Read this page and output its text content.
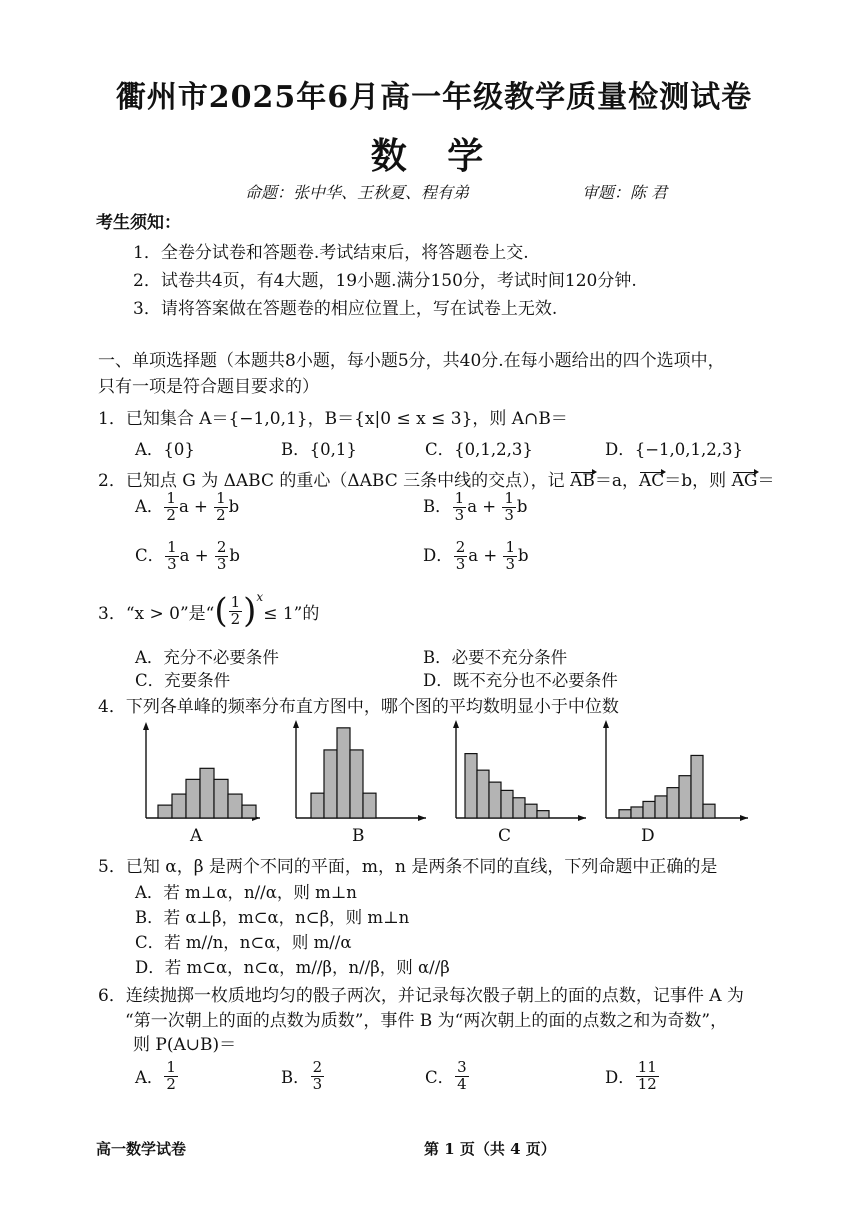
衢州市2025年6月高一年级教学质量检测试卷
数 学
命题：张中华、王秋夏、程有弟	审题：陈 君
考生须知：
1．全卷分试卷和答题卷.考试结束后，将答题卷上交.
2．试卷共4页，有4大题，19小题.满分150分，考试时间120分钟.
3．请将答案做在答题卷的相应位置上，写在试卷上无效.
一、单项选择题（本题共8小题，每小题5分，共40分.在每小题给出的四个选项中，
只有一项是符合题目要求的）
1．已知集合 A＝{−1,0,1}，B＝{x|0 ≤ x ≤ 3}，则 A∩B＝
A．{0}	B．{0,1}	C．{0,1,2,3}	D．{−1,0,1,2,3}
2．已知点 G 为 ΔABC 的重心（ΔABC 三条中线的交点），记 AB＝a，AC＝b，则 AG＝
A． $\frac{1}{2}$ $a + \frac{1}{2}$ b	B． $\frac{1}{3}$ $a + \frac{1}{3}$ b
C． $\frac{1}{3}$ $a + \frac{2}{3}$ b	D． $\frac{2}{3}$ $a + \frac{1}{3}$ b
3．“x > 0”是“ ( $\frac{1}{2} )^x$
≤ 1”的
A．充分不必要条件	B．必要不充分条件
C．充要条件	D．既不充分也不必要条件
4．下列各单峰的频率分布直方图中，哪个图的平均数明显小于中位数
A	B	C	D
5．已知 α，β 是两个不同的平面，m，n 是两条不同的直线，下列命题中正确的是
A．若 m⊥α，n//α，则 m⊥n
B．若 α⊥β，m⊂α，n⊂β，则 m⊥n
C．若 m//n，n⊂α，则 m//α
D．若 m⊂α，n⊂α，m//β，n//β，则 α//β
6．连续抛掷一枚质地均匀的骰子两次，并记录每次骰子朝上的面的点数，记事件 A 为
“第一次朝上的面的点数为质数”，事件 B 为“两次朝上的面的点数之和为奇数”，
则 P(A∪B)＝
A． $\frac{1}{2}$	B． $\frac{2}{3}$	C． $\frac{3}{4}$	D． $\frac{11}{12}$
高一数学试卷	第 1 页（共 4 页）
